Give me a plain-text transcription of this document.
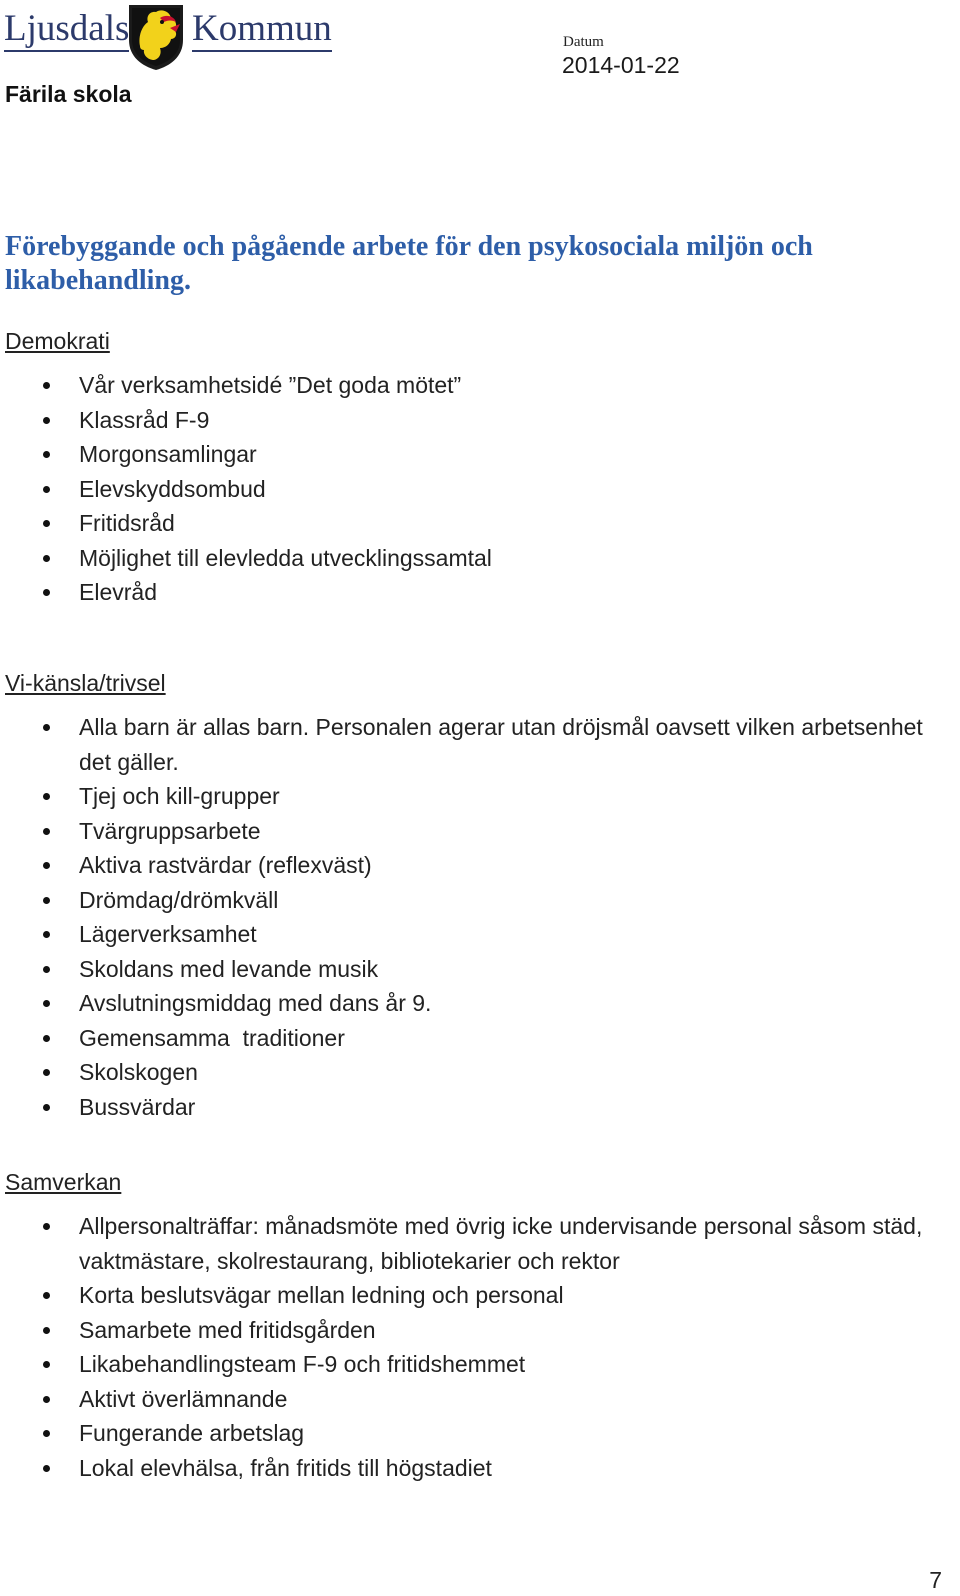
Ljusdals Kommun	Datum
2014-01-22
Färila skola
Förebyggande och pågående arbete för den psykosociala miljön och likabehandling.
Demokrati
Vår verksamhetsidé ”Det goda mötet”
Klassråd F-9
Morgonsamlingar
Elevskyddsombud
Fritidsråd
Möjlighet till elevledda utvecklingssamtal
Elevråd
Vi-känsla/trivsel
Alla barn är allas barn. Personalen agerar utan dröjsmål oavsett vilken arbetsenhet det gäller.
Tjej och kill-grupper
Tvärgruppsarbete
Aktiva rastvärdar (reflexväst)
Drömdag/drömkväll
Lägerverksamhet
Skoldans med levande musik
Avslutningsmiddag med dans år 9.
Gemensamma  traditioner
Skolskogen
Bussvärdar
Samverkan
Allpersonalträffar: månadsmöte med övrig icke undervisande personal såsom städ, vaktmästare, skolrestaurang, bibliotekarier och rektor
Korta beslutsvägar mellan ledning och personal
Samarbete med fritidsgården
Likabehandlingsteam F-9 och fritidshemmet
Aktivt överlämnande
Fungerande arbetslag
Lokal elevhälsa, från fritids till högstadiet
7
